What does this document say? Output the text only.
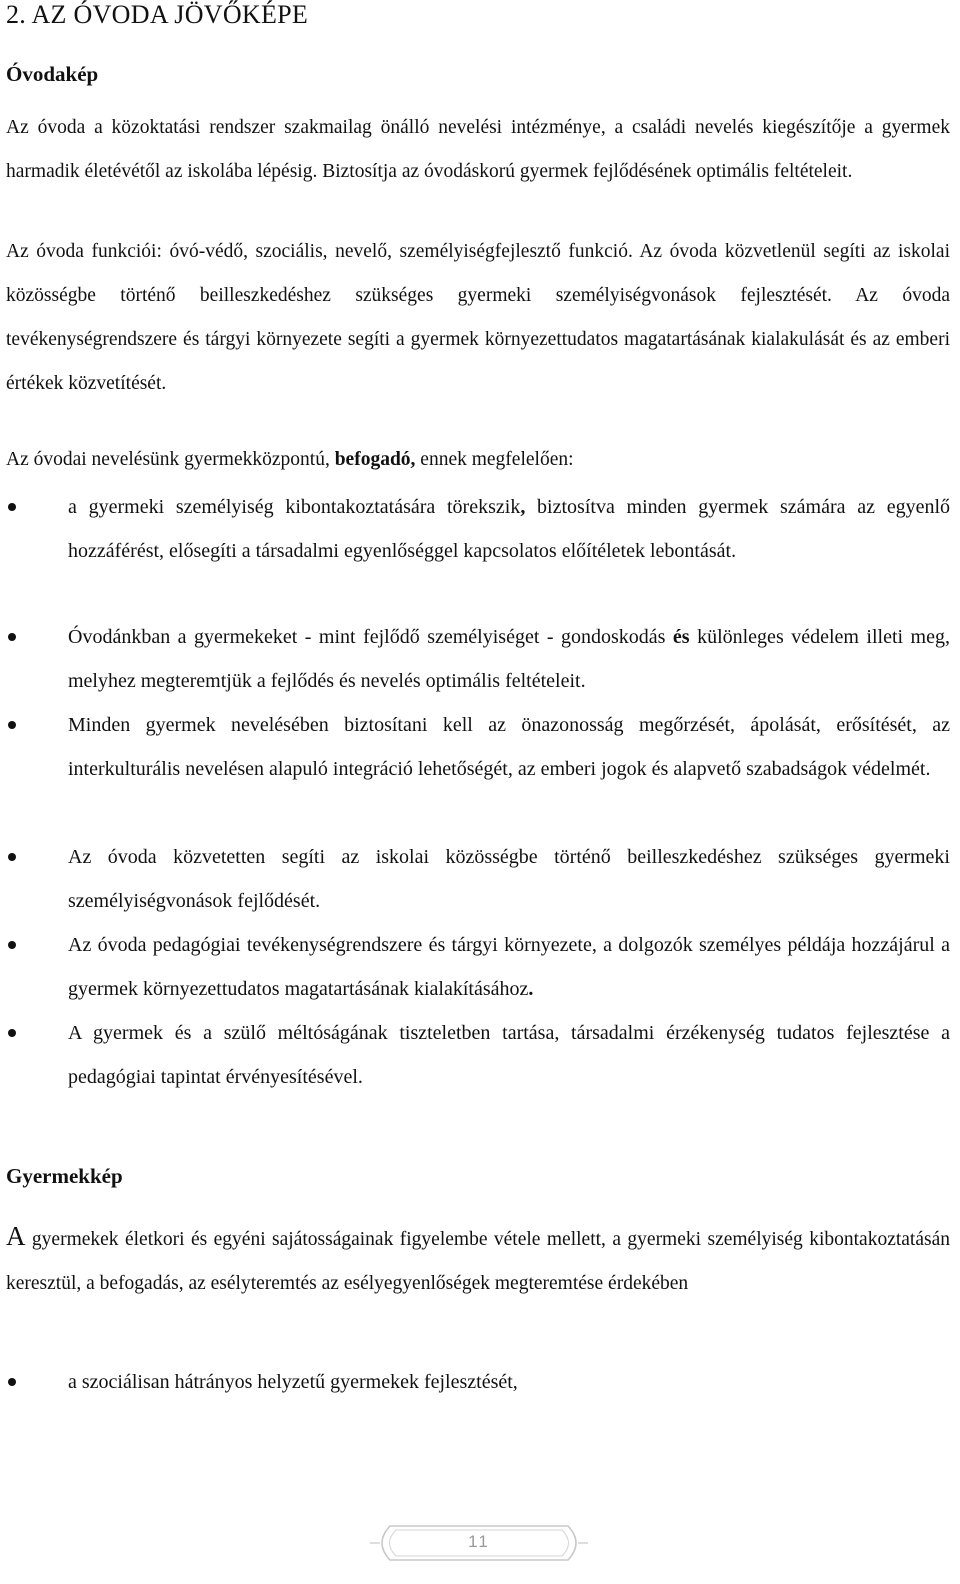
2. AZ ÓVODA JÖVŐKÉPE
Óvodakép

Az óvoda a közoktatási rendszer szakmailag önálló nevelési intézménye, a családi nevelés kiegészítője a gyermek harmadik életévétől az iskolába lépésig. Biztosítja az óvodáskorú gyermek fejlődésének optimális feltételeit.

Az óvoda funkciói: óvó-védő, szociális, nevelő, személyiségfejlesztő funkció. Az óvoda közvetlenül segíti az iskolai közösségbe történő beilleszkedéshez szükséges gyermeki személyiségvonások fejlesztését. Az óvoda tevékenységrendszere és tárgyi környezete segíti a gyermek környezettudatos magatartásának kialakulását és az emberi értékek közvetítését.

Az óvodai nevelésünk gyermekközpontú, befogadó, ennek megfelelően:

a gyermeki személyiség kibontakoztatására törekszik, biztosítva minden gyermek számára az egyenlő hozzáférést, elősegíti a társadalmi egyenlőséggel kapcsolatos előítéletek lebontását.

Óvodánkban a gyermekeket - mint fejlődő személyiséget - gondoskodás és különleges védelem illeti meg, melyhez megteremtjük a fejlődés és nevelés optimális feltételeit.

Minden gyermek nevelésében biztosítani kell az önazonosság megőrzését, ápolását, erősítését, az interkulturális nevelésen alapuló integráció lehetőségét, az emberi jogok és alapvető szabadságok védelmét.

Az óvoda közvetetten segíti az iskolai közösségbe történő beilleszkedéshez szükséges gyermeki személyiségvonások fejlődését.

Az óvoda pedagógiai tevékenységrendszere és tárgyi környezete, a dolgozók személyes példája hozzájárul a gyermek környezettudatos magatartásának kialakításához.

A gyermek és a szülő méltóságának tiszteletben tartása, társadalmi érzékenység tudatos fejlesztése a pedagógiai tapintat érvényesítésével.

Gyermekkép

A gyermekek életkori és egyéni sajátosságainak figyelembe vétele mellett, a gyermeki személyiség kibontakoztatásán keresztül, a befogadás, az esélyteremtés az esélyegyenlőségek megteremtése érdekében

a szociálisan hátrányos helyzetű gyermekek fejlesztését,

11
